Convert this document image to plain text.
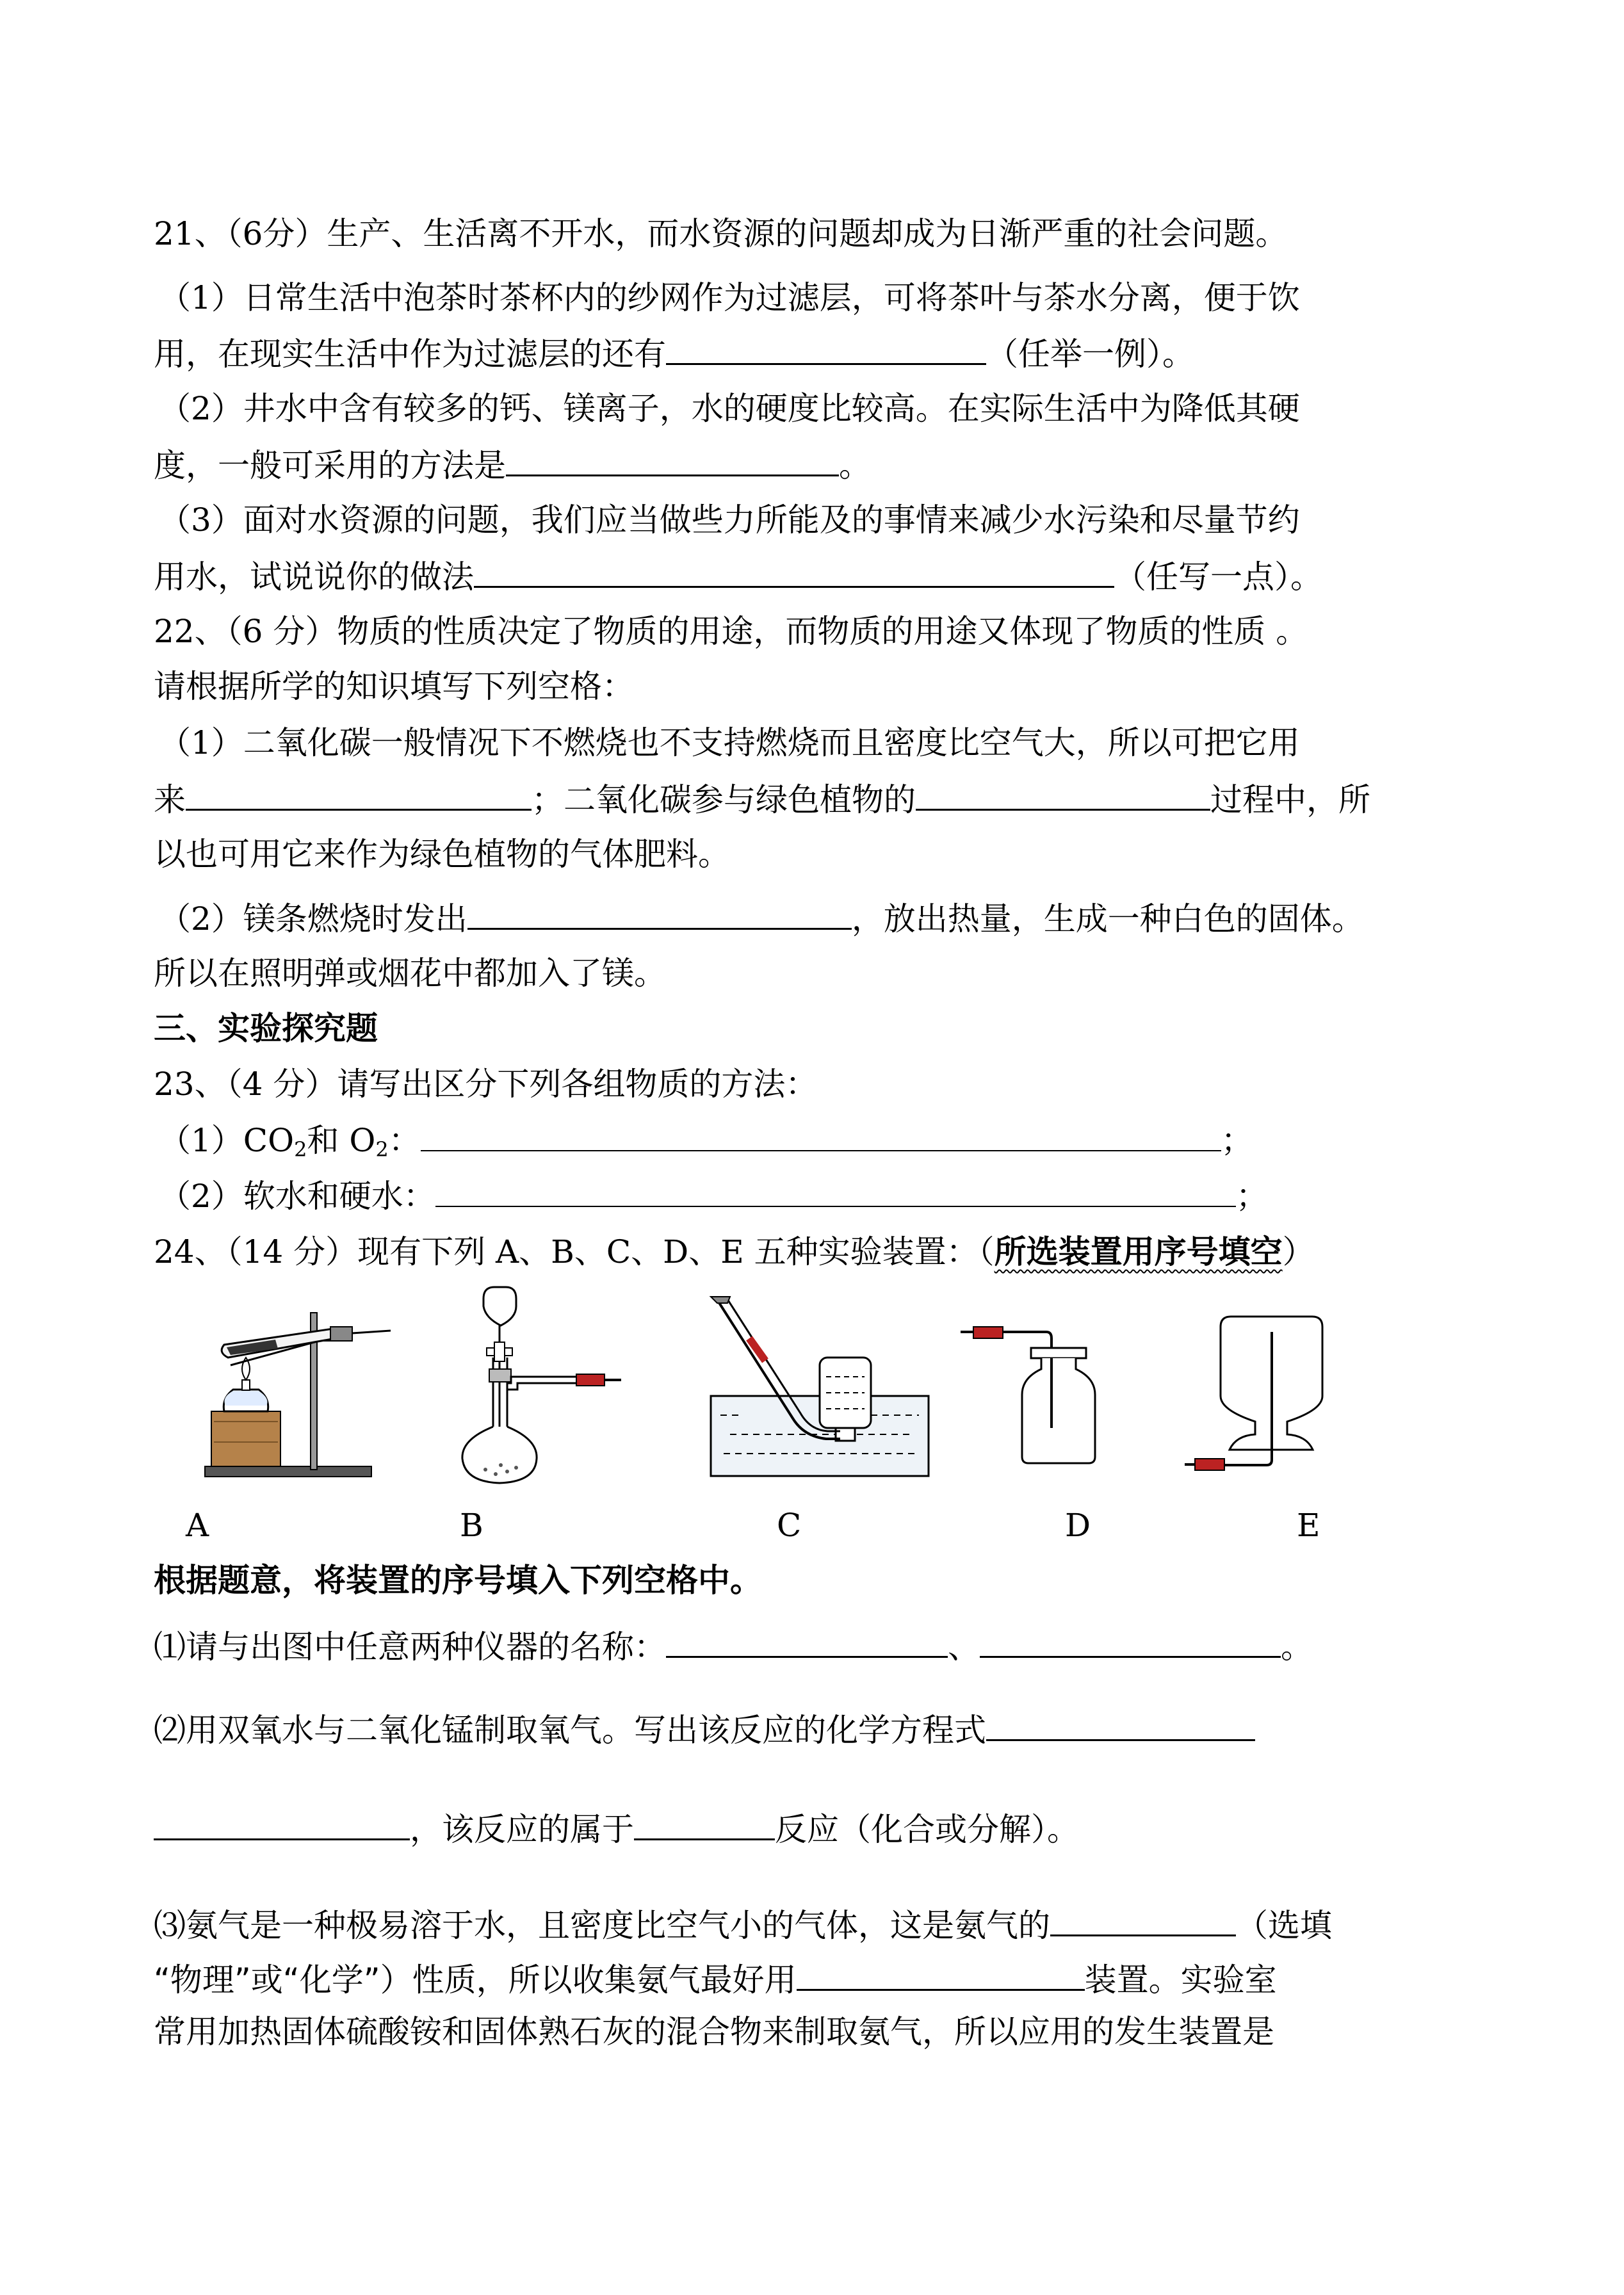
21、（6分）生产、生活离不开水，而水资源的问题却成为日渐严重的社会问题。
（1）日常生活中泡茶时茶杯内的纱网作为过滤层，可将茶叶与茶水分离，便于饮
用，在现实生活中作为过滤层的还有	（任举一例）。
（2）井水中含有较多的钙、镁离子，水的硬度比较高。在实际生活中为降低其硬
度，一般可采用的方法是	。
（3）面对水资源的问题，我们应当做些力所能及的事情来减少水污染和尽量节约
用水，试说说你的做法	（任写一点）。
22、（6 分）物质的性质决定了物质的用途，而物质的用途又体现了物质的性质 。
请根据所学的知识填写下列空格：
（1）二氧化碳一般情况下不燃烧也不支持燃烧而且密度比空气大，所以可把它用
来	；二氧化碳参与绿色植物的	过程中，所
以也可用它来作为绿色植物的气体肥料。
（2）镁条燃烧时发出	，放出热量，生成一种白色的固体。
所以在照明弹或烟花中都加入了镁。
三、实验探究题
23、（4 分）请写出区分下列各组物质的方法：
$(1)CO_2$和 $O_2$：	；
（2）软水和硬水：	；
24、（14 分）现有下列 A、B、C、D、E 五种实验装置：（所选装置用序号填空）
A	B	C	D	E
根据题意，将装置的序号填入下列空格中。
⑴请与出图中任意两种仪器的名称：	、	。
⑵用双氧水与二氧化锰制取氧气。写出该反应的化学方程式
，该反应的属于	反应（化合或分解）。
⑶氨气是一种极易溶于水，且密度比空气小的气体，这是氨气的	（选填
“物理”或“化学”）性质，所以收集氨气最好用	装置。实验室
常用加热固体硫酸铵和固体熟石灰的混合物来制取氨气，所以应用的发生装置是
